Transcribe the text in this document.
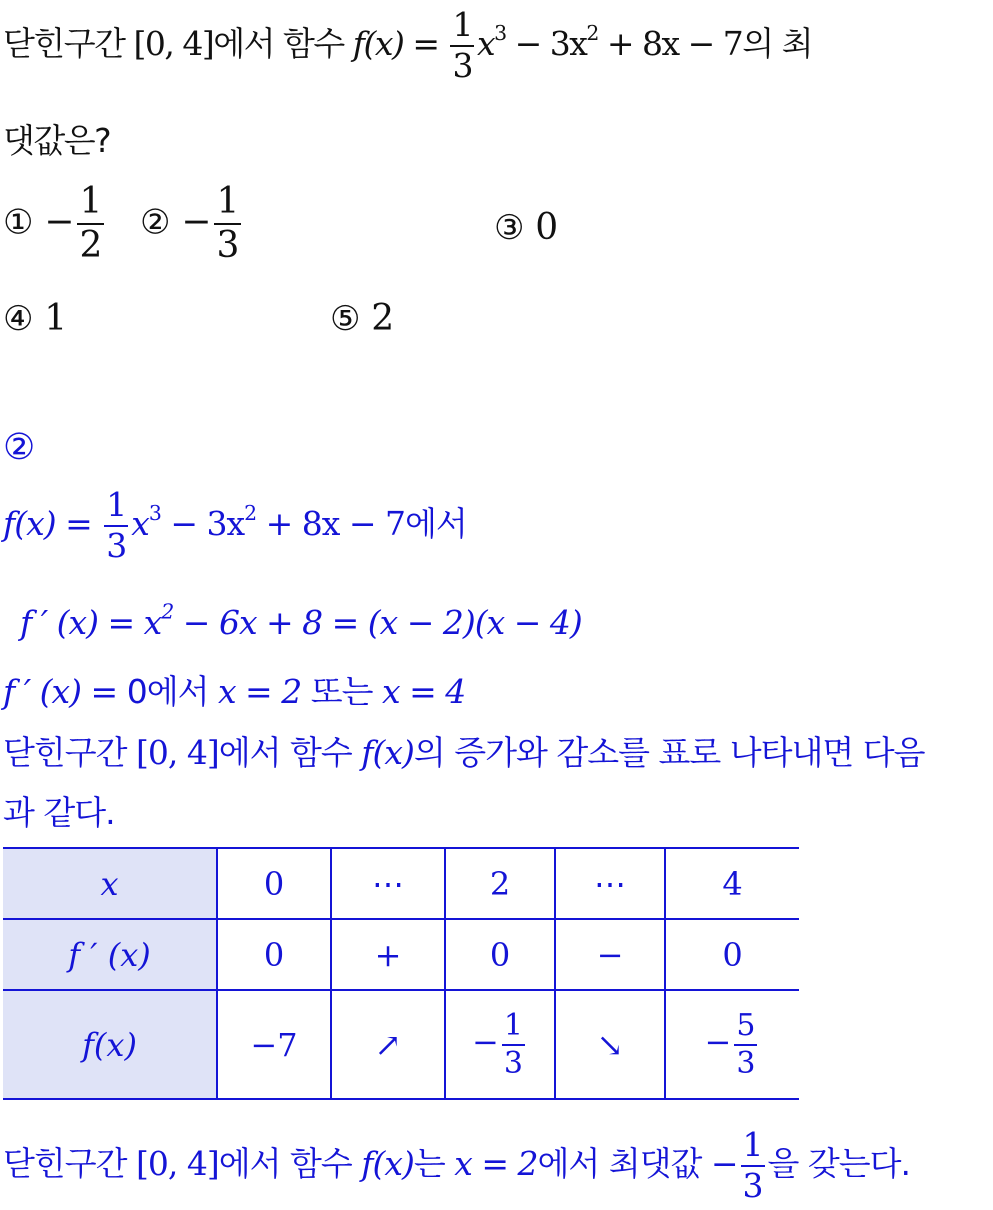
닫힌구간 [0, 4]에서 함수 $f(x) = \frac{1}{3} x^3 - 3x^2 + 8x - 7$의 최
댓값은?
① − $\frac{1}{2}$ ② − $\frac{1}{3}$	③ 0
④ 1	⑤ 2
②
$f(x) = \frac{1}{3} x^3 - 3x^2 + 8x - 7$에서
f ′ $(x) = x^2 - 6x + 8 = (x - 2)(x - 4)$
f ′ (x) = 0에서 x = 2 또는 x = 4
닫힌구간 [0, 4]에서 함수 f(x)의 증가와 감소를 표로 나타내면 다음
과 같다.
x	0	⋯	2	⋯	4
f ′ (x)	0	+	0	−	0
f(x)	−7	↗	− $\frac{1}{3}$	↘	− $\frac{5}{3}$
닫힌구간 [0, 4]에서 함수 f(x)는 x = 2에서 최댓값 − $\frac{1}{3}$ 을 갖는다.
